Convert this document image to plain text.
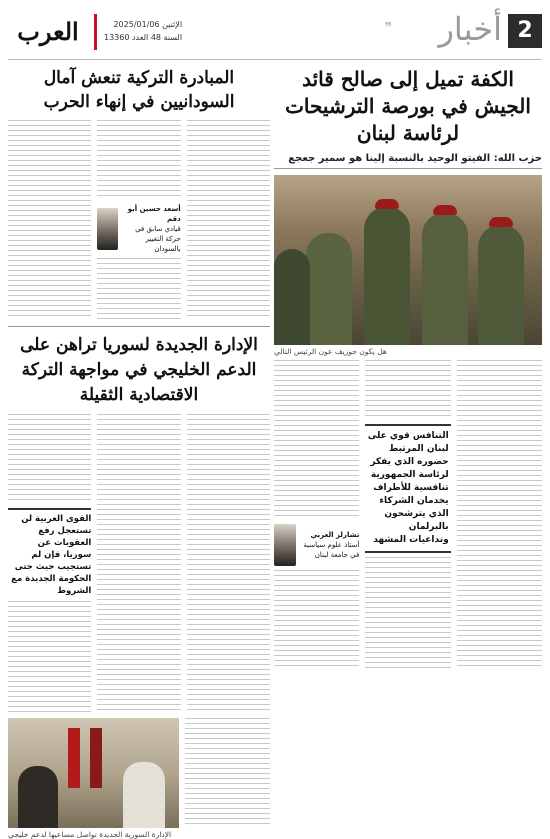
2
أخبار
❞
العرب	الإثنين 2025/01/06
السنة 48 العدد 13360
الكفة تميل إلى صالح قائد الجيش في بورصة الترشيحات لرئاسة لبنان
حزب الله: الفيتو الوحيد بالنسبة إلينا هو سمير جعجع
هل يكون جوزيف عون الرئيس التالي
التنافس قوي على لبنان المرتبط حضوره الذي يفكر لرئاسة الجمهورية تنافسية للأطراف يخدمان الشركاء الذي يترشحون بالبرلمان وتداعيات المشهد
تشارلز العربي
أستاذ علوم سياسية في جامعة لبنان
المبادرة التركية تنعش آمال السودانيين في إنهاء الحرب
أسعد حسين أبو دقم
قيادي سابق في حركة التغيير بالسودان
الإدارة الجديدة لسوريا تراهن على الدعم الخليجي في مواجهة التركة الاقتصادية الثقيلة
القوى الغربية لن تستعجل رفع العقوبات عن سوريا، فإن لم تستجيب حيث حتى الحكومة الجديدة مع الشروط
الإدارة السورية الجديدة تواصل مساعيها لدعم خليجي
